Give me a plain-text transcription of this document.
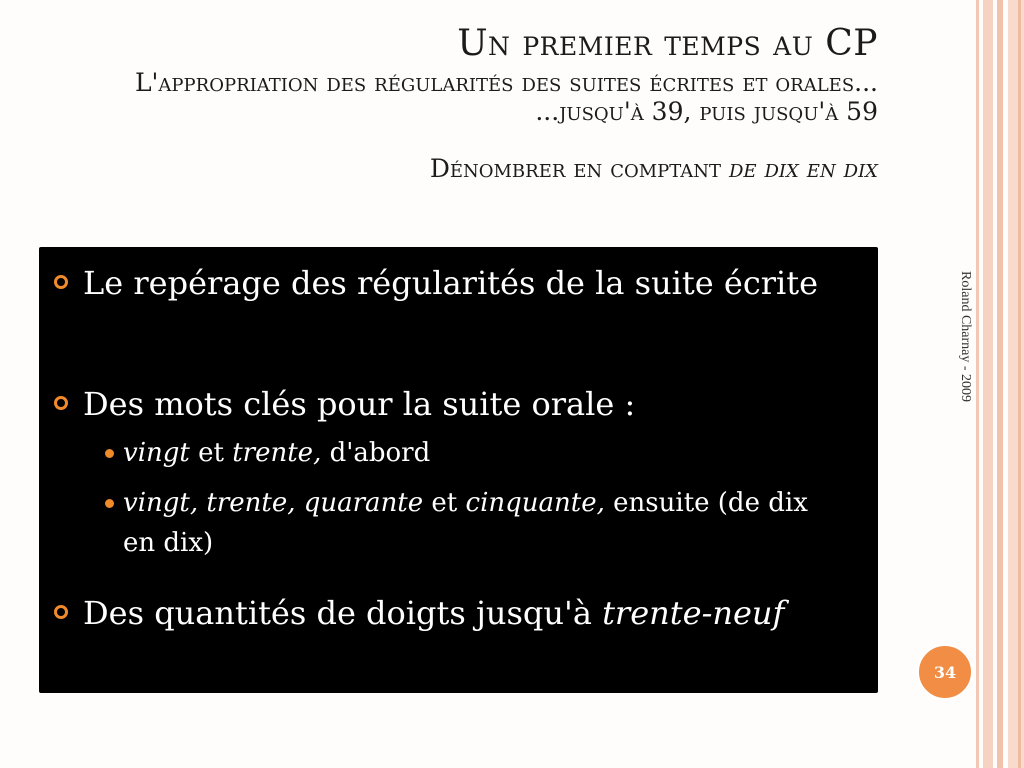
Un premier temps au CP
L'appropriation des régularités des suites écrites et orales...
...jusqu'à 39, puis jusqu'à 59
Dénombrer en comptant de dix en dix
Le repérage des régularités de la suite écrite
Des mots clés pour la suite orale :
vingt et trente, d'abord
vingt, trente, quarante et cinquante, ensuite (de dix en dix)
Des quantités de doigts jusqu'à trente-neuf
Roland Charnay - 2009
34
